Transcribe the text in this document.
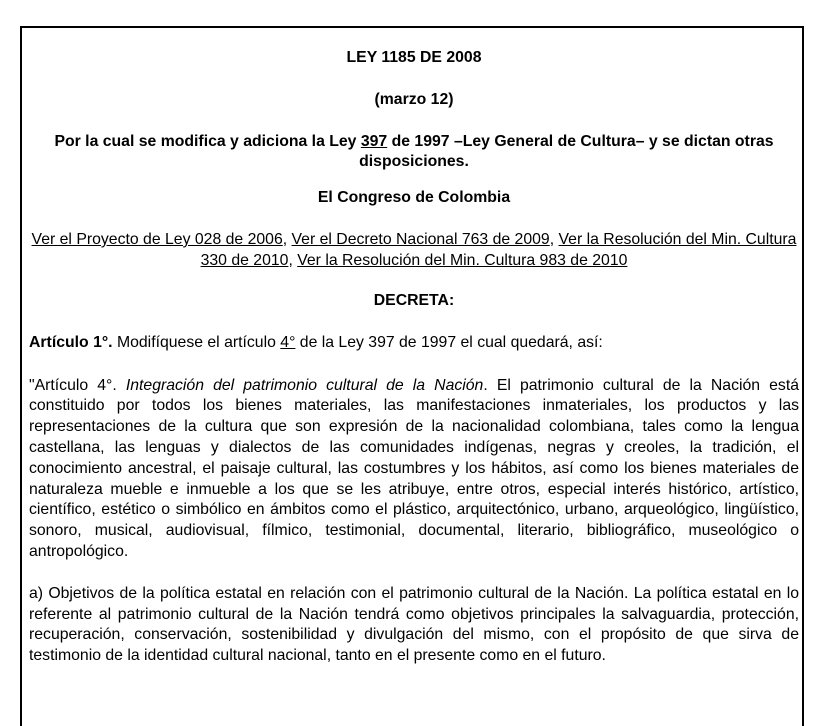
LEY 1185 DE 2008

(marzo 12)

Por la cual se modifica y adiciona la Ley 397 de 1997 –Ley General de Cultura– y se dictan otras disposiciones.

El Congreso de Colombia

Ver el Proyecto de Ley 028 de 2006, Ver el Decreto Nacional 763 de 2009, Ver la Resolución del Min. Cultura 330 de 2010, Ver la Resolución del Min. Cultura 983 de 2010

DECRETA:

Artículo 1°. Modifíquese el artículo 4° de la Ley 397 de 1997 el cual quedará, así:

"Artículo 4°. Integración del patrimonio cultural de la Nación. El patrimonio cultural de la Nación está constituido por todos los bienes materiales, las manifestaciones inmateriales, los productos y las representaciones de la cultura que son expresión de la nacionalidad colombiana, tales como la lengua castellana, las lenguas y dialectos de las comunidades indígenas, negras y creoles, la tradición, el conocimiento ancestral, el paisaje cultural, las costumbres y los hábitos, así como los bienes materiales de naturaleza mueble e inmueble a los que se les atribuye, entre otros, especial interés histórico, artístico, científico, estético o simbólico en ámbitos como el plástico, arquitectónico, urbano, arqueológico, lingüístico, sonoro, musical, audiovisual, fílmico, testimonial, documental, literario, bibliográfico, museológico o antropológico.

a) Objetivos de la política estatal en relación con el patrimonio cultural de la Nación. La política estatal en lo referente al patrimonio cultural de la Nación tendrá como objetivos principales la salvaguardia, protección, recuperación, conservación, sostenibilidad y divulgación del mismo, con el propósito de que sirva de testimonio de la identidad cultural nacional, tanto en el presente como en el futuro.
